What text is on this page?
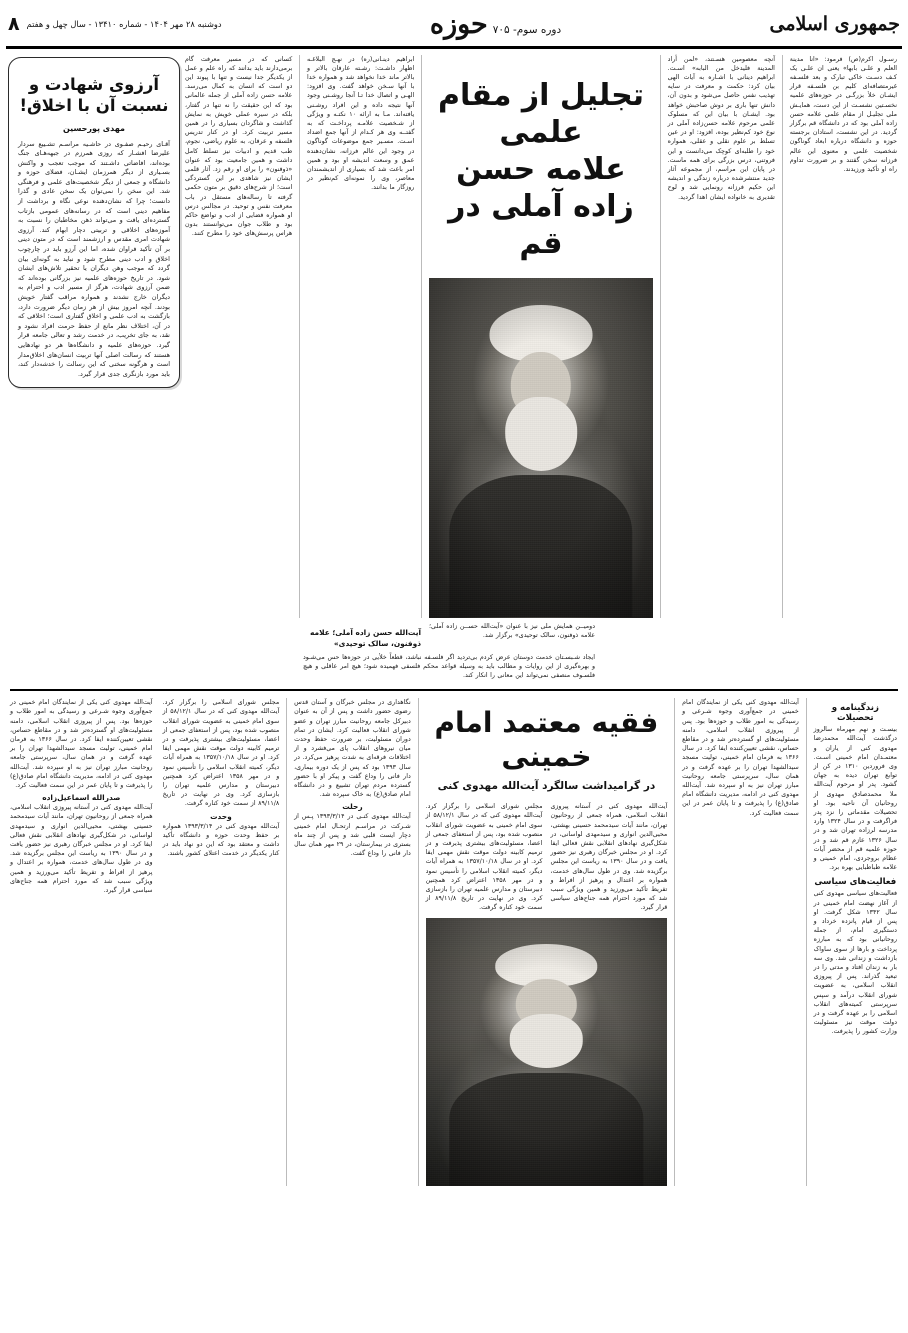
جمهوری اسلامی
دوره سوم- ۷۰۵
حوزه
دوشنبه ۲۸ مهر ۱۴۰۴ - شماره ۱۳۴۱۰ - سال چهل و هفتم
۸
رسـول اکرم(ص) فرمود: «انا مدینة العلم و علـی بابها» یعنی ان علـی یک کـف دسـت خاکی تبارک و بعد فلسـفه غیرمتصافه‌ای کلیم بن فلسـفه قرار ایشـان خلأ بزرگـی در حوزه‌های علمیه نخسـتین نشسـت از این دست، همایـش ملی تجلیـل از مقام علمی علامه حسن زاده آملی بود که در دانشگاه قم برگزار گردید. در این نشست، استادان برجسته حوزه و دانشگاه درباره ابعاد گوناگون شخصیت علمی و معنوی این عالم فرزانه سخن گفتند و بر ضرورت تداوم راه او تأکید ورزیدند.
آنچه معصومین هسـتند، «لمن أراد المدینة فلیدخل من البابه» اسـت. ابراهیم دینانی با اشـاره به آیات الهی بیان کرد: حکمت و معرفت در سایه تهذیب نفس حاصل می‌شود و بدون آن، دانش تنها باری بر دوش صاحبش خواهد بود. ایشـان با بیان این که مسلوک علمی مرحوم علامه حسن‌زاده آملی در نوع خود کم‌نظیر بوده، افزود: او در عین تسلط بر علوم نقلی و عقلی، همواره خود را طلبه‌ای کوچک می‌دانست و این فروتنی، درس بزرگی برای همه ماست. در پایان این مراسم، از مجموعه آثار جدید منتشرشده درباره زندگی و اندیشه این حکیم فرزانه رونمایی شد و لوح تقدیری به خانواده ایشان اهدا گردید.
تجلیل از مقام علمی
علامه حسن زاده آملی در قم
ابراهیم دینـانی(ره) در نهـج البلاغـه اظهار داشـت: رشـته عارفان بالاتر و بالاتر ماند خدا نخواهد شد و همواره خدا با آنها سـخن خواهد گفت. وی افزود: الهـی و اتصال خدا تـا آنجا روشـنی وجود آنها نتیجه داده و این افراد روشـنی یافته‌اند. مـا به ارائه ۱۰ نکتـه و ویژگی از شـخصیت علامـه پرداخـت که به گفتــه وی هر کـدام از آنها جمع اضداد اسـت. مسـیر جمع موضوعات گوناگون در وجود این عالم فرزانه، نشان‌دهنده عمق و وسعت اندیشه او بود و همین امر باعث شد که بسیاری از اندیشمندان معاصر، وی را نمونه‌ای کم‌نظیر در روزگار ما بدانند.
کسانی که در مسیر معرفت گام برمی‌دارند باید بدانند که راه علم و عمل از یکدیگر جدا نیست و تنها با پیوند این دو است که انسان به کمال می‌رسد. علامه حسن زاده آملی از جمله عالمانی بود که این حقیقت را نه تنها در گفتار، بلکه در سیره عملی خویش به نمایش گذاشت و شاگردان بسیاری را در همین مسیر تربیت کرد. او در کنار تدریس فلسفه و عرفان، به علوم ریاضی، نجوم، طب قدیم و ادبیات نیز تسلط کامل داشت و همین جامعیت بود که عنوان «ذوفنون» را برای او رقم زد. آثار قلمی ایشان نیز شاهدی بر این گستردگی است؛ از شرح‌های دقیق بر متون حکمی گرفته تا رساله‌های مستقل در باب معرفت نفس و توحید. در مجالس درس او همواره فضایی از ادب و تواضع حاکم بود و طلاب جوان می‌توانستند بدون هراس پرسش‌های خود را مطرح کنند.
آرزوی شهادت و نسبت آن با اخلاق!
مهدی پورحسین
آقـای رحیـم صفـوی در حاشـیه مراسـم تشـییع سردار علیرضا افشـار که روزی همرزم در جبهه‌هـای جنگ بوده‌اند، افاضاتی داشـتند که موجب تعجب و واکنش بسـیاری از دیگر همرزمان ایشـان، فضلای حوزه و دانشگاه و جمعی از دیگر شخصیت‌های علمی و فرهنگی شد. این سخن را نمی‌توان یک سخن عادی و گذرا دانست؛ چرا که نشان‌دهنده نوعی نگاه و برداشت از مفاهیم دینی است که در رسانه‌های عمومی بازتاب گسترده‌ای یافت و می‌تواند ذهن مخاطبان را نسبت به آموزه‌های اخلاقی و تربیتی دچار ابهام کند. آرزوی شهادت امری مقدس و ارزشمند است که در متون دینی بر آن تأکید فراوان شده، اما این آرزو باید در چارچوب اخلاق و ادب دینی مطرح شود و نباید به گونه‌ای بیان گردد که موجب وهن دیگران یا تحقیر تلاش‌های ایشان شود. در تاریخ حوزه‌های علمیه نیز بزرگانی بوده‌اند که ضمن آرزوی شهادت، هرگز از مسیر ادب و احترام به دیگران خارج نشدند و همواره مراقب گفتار خویش بودند. آنچه امروز بیش از هر زمان دیگر ضرورت دارد، بازگشت به ادب علمی و اخلاق گفتاری است؛ اخلاقی که در آن، اختلاف نظر مانع از حفظ حرمت افراد نشود و نقد، به جای تخریب، در خدمت رشد و تعالی جامعه قرار گیرد. حوزه‌های علمیه و دانشگاه‌ها هر دو نهادهایی هستند که رسالت اصلی آنها تربیت انسان‌های اخلاق‌مدار است و هرگونه سخنی که این رسالت را خدشه‌دار کند، باید مورد بازنگری جدی قرار گیرد.
دومیــن همایش ملی نیز با عنوان «آیت‌الله حســن زاده آملی؛ علامه ذوفنون، سالک توحیدی» برگزار شد.
آیت‌الله حسن زاده آملی؛ علامه ذوفنون، سالک توحیدی»
ایجاد شـبسـتان خدمت دوستان عرض کردم بی‌تردید اگر فلسـفه نباشد، قطعاً خلأیی در حوزه‌ها حس می‌شـود و بهره‌گیری از این روایات و مطالب باید به وسیله قواعد محکم فلسفی فهمیده شود؛ هیچ امر عاقلی و هیچ فلسـوف منصفی نمی‌تواند این معانی را انکار کند.
زندگینامه و تحصیلات
بیسـت و نهم مهرماه سالروز درگذشت آیت‌الله محمدرضا مهدوی کنی از یاران و معتمـدان امام خمینی اسـت. وی فروردین ۱۳۱۰ در کن از توابع تهران دیده به جهان گشود. پدر او مرحوم آیت‌الله ملا محمدصادق مهدوی از روحانیان آن ناحیه بود. او تحصیلات مقدماتی را نزد پدر فراگرفت و در سال ۱۳۲۴ وارد مدرسه لرزاده تهران شد و در سال ۱۳۲۶ عازم قم شد و در حوزه علمیه قم از محضر آیات عظام بروجردی، امام خمینی و علامه طباطبایی بهره برد.
فعالیت‌های سیاسی
فعالیت‌های سیاسی مهدوی کنی از آغاز نهضت امام خمینی در سال ۱۳۴۲ شکل گرفت. او پس از قیام پانزده خرداد و دستگیری امام، از جمله روحانیانی بود که به مبارزه پرداخت و بارها از سوی ساواک بازداشت و زندانی شد. وی سه بار به زندان افتاد و مدتی را در تبعید گذراند. پس از پیروزی انقلاب اسلامی، به عضویت شورای انقلاب درآمد و سپس سرپرستی کمیته‌های انقلاب اسلامی را بر عهده گرفت و در دولت موقت نیز مسئولیت وزارت کشور را پذیرفت.
آیت‌الله مهدوی کنی یکی از نمایندگان امام خمینی در جمع‌آوری وجوه شـرعی و رسیدگی به امور طلاب و حوزه‌ها بود. پس از پیروزی انقلاب اسلامی، دامنه مسئولیت‌های او گسترده‌تر شد و در مقاطع حساس، نقشی تعیین‌کننده ایفا کرد. در سال ۱۳۶۶ به فرمان امام خمینی، تولیت مسجد سیدالشهدا تهران را بر عهده گرفت و در همان سال، سرپرستی جامعه روحانیت مبارز تهران نیز به او سپرده شد. آیت‌الله مهدوی کنی در ادامه، مدیریت دانشگاه امام صادق(ع) را پذیرفت و تا پایان عمر در این سمت فعالیت کرد.
فقیه معتمد امام خمینی
در گرامیداشت سالگرد آیت‌الله مهدوی کنی
آیت‌الله مهدوی کنی در آستانه پیروزی انقلاب اسلامی، همراه جمعی از روحانیون تهران، مانند آیات سیدمحمد حسینی بهشتی، محیی‌الدین انواری و سیدمهدی لواسانی، در شکل‌گیری نهادهای انقلابی نقش فعالی ایفا کرد. او در مجلس خبرگان رهبری نیز حضور یافت و در سال ۱۳۹۰ به ریاست این مجلس برگزیده شد. وی در طول سال‌های خدمت، همواره بر اعتدال و پرهیز از افراط و تفریط تأکید می‌ورزید و همین ویژگی سبب شد که مورد احترام همه جناح‌های سیاسی قرار گیرد.
مجلس شورای اسلامی را برگزار کرد. آیت‌الله مهدوی کنی که در سال ۵۸/۱۲/۱ از سوی امام خمینی به عضویت شورای انقلاب منصوب شده بود، پس از استعفای جمعی از اعضا، مسئولیت‌های بیشتری پذیرفت و در ترمیم کابینه دولت موقت نقش مهمی ایفا کرد. او در سال ۱۳۵۷/۱۰/۱۸ به همراه آیات دیگر، کمیته انقلاب اسلامی را تأسیس نمود و در مهر ۱۳۵۸ اعتراض کرد همچنین دبیرستان و مدارس علمیه تهران را بازسازی کرد. وی در نهایت در تاریخ ۸۹/۱۱/۸ از سمت خود کناره گرفت.
نگاهداری در مجلس خبرگان و آستان قدس رضوی حضور داشت و پس از آن به عنوان دبیرکل جامعه روحانیت مبارز تهران و عضو شورای انقلاب فعالیت کرد. ایشان در تمام دوران مسئولیت، بر ضرورت حفظ وحدت میان نیروهای انقلاب پای می‌فشرد و از اختلافات فرقه‌ای به شدت پرهیز می‌کرد. در سال ۱۳۹۳ بود که پس از یک دوره بیماری، دار فانی را وداع گفت و پیکر او با حضور گسترده مردم تهران تشییع و در دانشگاه امام صادق(ع) به خاک سپرده شد.
رحلت
آیت‌الله مهدوی کنـی در ۱۳۹۳/۳/۱۴ پـس از شـرکت در مراسـم ارتحـال امام خمینی دچار ایست قلبی شد و پس از چند ماه بستری در بیمارستان، در ۲۹ مهر همان سال دار فانی را وداع گفت.
مجلس شورای اسلامی را برگزار کرد. آیت‌الله مهدوی کنی که در سال ۵۸/۱۲/۱ از سوی امام خمینی به عضویت شورای انقلاب منصوب شده بود، پس از استعفای جمعی از اعضا، مسئولیت‌های بیشتری پذیرفت و در ترمیم کابینه دولت موقت نقش مهمی ایفا کرد. او در سال ۱۳۵۷/۱۰/۱۸ به همراه آیات دیگر، کمیته انقلاب اسلامی را تأسیس نمود و در مهر ۱۳۵۸ اعتراض کرد همچنین دبیرستان و مدارس علمیه تهران را بازسازی کرد. وی در نهایت در تاریخ ۸۹/۱۱/۸ از سمت خود کناره گرفت.
وحدت
آیت‌الله مهدوی کنی در ۱۳۹۳/۳/۱۴ همواره بر حفظ وحدت حوزه و دانشگاه تأکید داشت و معتقد بود که این دو نهاد باید در کنار یکدیگر در خدمت اعتلای کشور باشند.
آیت‌الله مهدوی کنی یکی از نمایندگان امام خمینی در جمع‌آوری وجوه شـرعی و رسیدگی به امور طلاب و حوزه‌ها بود. پس از پیروزی انقلاب اسلامی، دامنه مسئولیت‌های او گسترده‌تر شد و در مقاطع حساس، نقشی تعیین‌کننده ایفا کرد. در سال ۱۳۶۶ به فرمان امام خمینی، تولیت مسجد سیدالشهدا تهران را بر عهده گرفت و در همان سال، سرپرستی جامعه روحانیت مبارز تهران نیز به او سپرده شد. آیت‌الله مهدوی کنی در ادامه، مدیریت دانشگاه امام صادق(ع) را پذیرفت و تا پایان عمر در این سمت فعالیت کرد.
صدرالله اسماعیل‌زاده
آیت‌الله مهدوی کنی در آستانه پیروزی انقلاب اسلامی، همراه جمعی از روحانیون تهران، مانند آیات سیدمحمد حسینی بهشتی، محیی‌الدین انواری و سیدمهدی لواسانی، در شکل‌گیری نهادهای انقلابی نقش فعالی ایفا کرد. او در مجلس خبرگان رهبری نیز حضور یافت و در سال ۱۳۹۰ به ریاست این مجلس برگزیده شد. وی در طول سال‌های خدمت، همواره بر اعتدال و پرهیز از افراط و تفریط تأکید می‌ورزید و همین ویژگی سبب شد که مورد احترام همه جناح‌های سیاسی قرار گیرد.
